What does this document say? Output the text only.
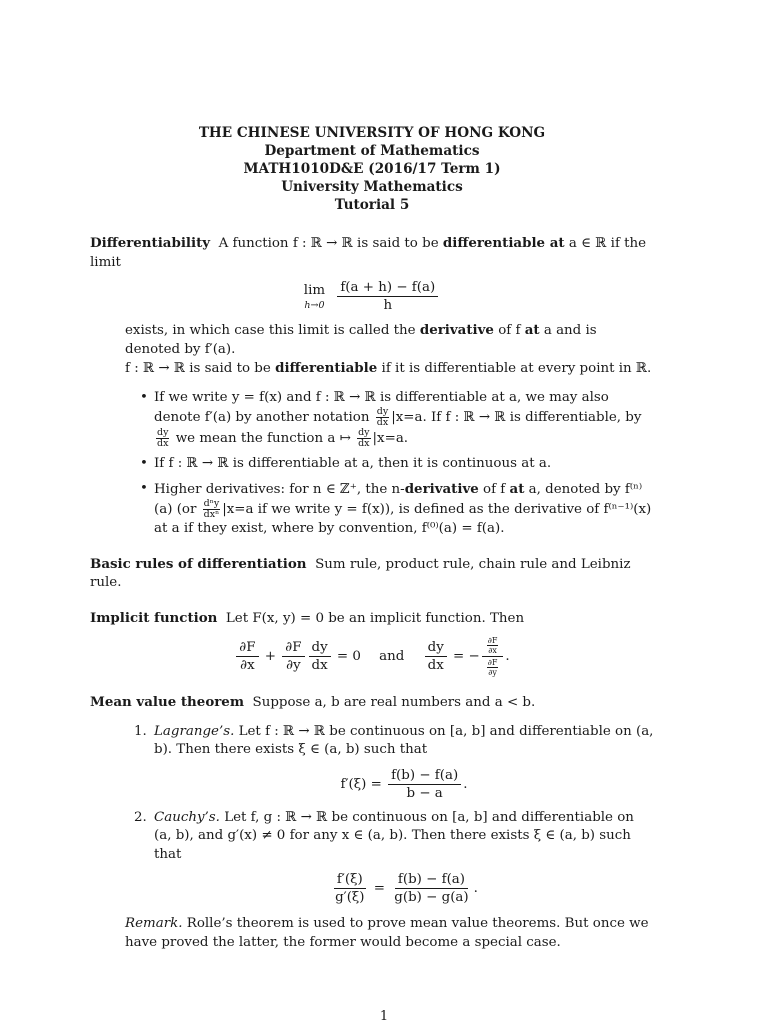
THE CHINESE UNIVERSITY OF HONG KONG
Department of Mathematics
MATH1010D&E (2016/17 Term 1)
University Mathematics
Tutorial 5

Differentiability A function f : ℝ → ℝ is said to be differentiable at a ∈ ℝ if the limit

lim
h→0
$\frac{f(a + h) - f(a)}{h}$

exists, in which case this limit is called the derivative of f at a and is denoted by f′(a).
f : ℝ → ℝ is said to be differentiable if it is differentiable at every point in ℝ.

• If we write y = f(x) and f : ℝ → ℝ is differentiable at a, we may also denote f′(a) by another notation $\frac{dy}{dx} |x=a$. If f : ℝ → ℝ is differentiable, by
$\frac{dy}{dx}$ we mean the function a ↦ $\frac{dy}{dx} |x=a$.
• If f : ℝ → ℝ is differentiable at a, then it is continuous at a.
• Higher derivatives: for n ∈ ℤ⁺, the n-derivative of f at a, denoted by f⁽ⁿ⁾(a) ($or \frac{\text{dⁿy}}{\text{dxⁿ}} |x=a$ if we write y = f(x)), is defined as the derivative of f⁽ⁿ⁻¹⁾(x) at a if they exist, where by convention, f⁽⁰⁾(a) = f(a).

Basic rules of differentiation Sum rule, product rule, chain rule and Leibniz rule.

Implicit function Let F(x, y) = 0 be an implicit function. Then

$\frac{\partial F}{\partial x} + \frac{\partial F}{\partial y} \frac{dy}{dx} = 0$ and $\frac{dy}{dx}$ = − $\frac{\frac{\partial F}{\partial x}}{\frac{\partial F}{\partial y}}$ .

Mean value theorem Suppose a, b are real numbers and a < b.

1. Lagrange’s. Let f : ℝ → ℝ be continuous on [a, b] and differentiable on (a, b). Then there exists ξ ∈ (a, b) such that
$f'(\xi) = \frac{f(b) - f(a)}{b - a}$ .
2. Cauchy’s. Let f, g : ℝ → ℝ be continuous on [a, b] and differentiable on (a, b), and g′(x) ≠ 0 for any x ∈ (a, b). Then there exists ξ ∈ (a, b) such that
$\frac{f'(\xi)}{g'(\xi)} = \frac{f(b) - f(a)}{g(b) - g(a)}$ .

Remark. Rolle’s theorem is used to prove mean value theorems. But once we have proved the latter, the former would become a special case.

1
